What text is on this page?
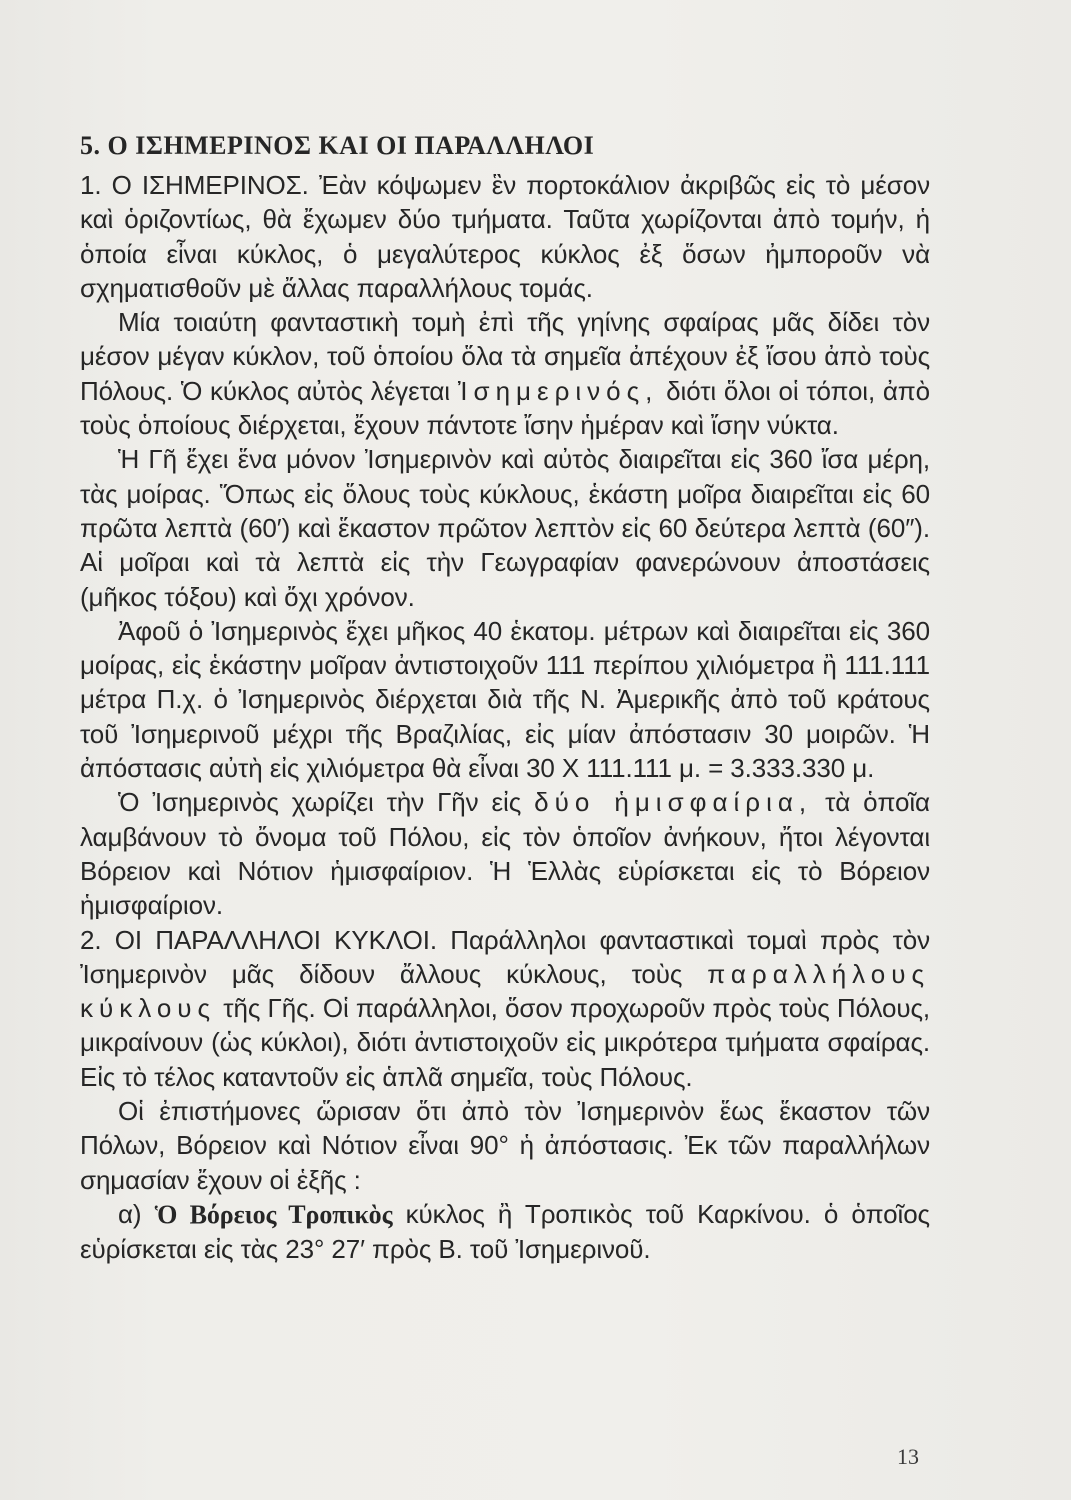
5. Ο ΙΣΗΜΕΡΙΝΟΣ ΚΑΙ ΟΙ ΠΑΡΑΛΛΗΛΟΙ

1. Ο ΙΣΗΜΕΡΙΝΟΣ. Ἐὰν κόψωμεν ἓν πορτοκάλιον ἀκριβῶς εἰς τὸ μέσον καὶ ὁριζοντίως, θὰ ἔχωμεν δύο τμήματα. Ταῦτα χωρίζονται ἀπὸ τομήν, ἡ ὁποία εἶναι κύκλος, ὁ μεγαλύτερος κύκλος ἐξ ὅσων ἠμποροῦν νὰ σχηματισθοῦν μὲ ἄλλας παραλλήλους τομάς.

Μία τοιαύτη φανταστικὴ τομὴ ἐπὶ τῆς γηίνης σφαίρας μᾶς δίδει τὸν μέσον μέγαν κύκλον, τοῦ ὁποίου ὅλα τὰ σημεῖα ἀπέχουν ἐξ ἴσου ἀπὸ τοὺς Πόλους. Ὁ κύκλος αὐτὸς λέγεται Ἰσημερινός, διότι ὅλοι οἱ τόποι, ἀπὸ τοὺς ὁποίους διέρχεται, ἔχουν πάντοτε ἴσην ἡμέραν καὶ ἴσην νύκτα.

Ἡ Γῆ ἔχει ἕνα μόνον Ἰσημερινὸν καὶ αὐτὸς διαιρεῖται εἰς 360 ἴσα μέρη, τὰς μοίρας. Ὅπως εἰς ὅλους τοὺς κύκλους, ἑκάστη μοῖρα διαιρεῖται εἰς 60 πρῶτα λεπτὰ (60′) καὶ ἕκαστον πρῶτον λεπτὸν εἰς 60 δεύτερα λεπτὰ (60″). Αἱ μοῖραι καὶ τὰ λεπτὰ εἰς τὴν Γεωγραφίαν φανερώνουν ἀποστάσεις (μῆκος τόξου) καὶ ὄχι χρόνον.

Ἀφοῦ ὁ Ἰσημερινὸς ἔχει μῆκος 40 ἑκατομ. μέτρων καὶ διαιρεῖται εἰς 360 μοίρας, εἰς ἑκάστην μοῖραν ἀντιστοιχοῦν 111 περίπου χιλιόμετρα ἢ 111.111 μέτρα Π.χ. ὁ Ἰσημερινὸς διέρχεται διὰ τῆς Ν. Ἀμερικῆς ἀπὸ τοῦ κράτους τοῦ Ἰσημερινοῦ μέχρι τῆς Βραζιλίας, εἰς μίαν ἀπόστασιν 30 μοιρῶν. Ἡ ἀπόστασις αὐτὴ εἰς χιλιόμετρα θὰ εἶναι 30 X 111.111 μ. = 3.333.330 μ.

Ὁ Ἰσημερινὸς χωρίζει τὴν Γῆν εἰς δύο ἡμισφαίρια, τὰ ὁποῖα λαμβάνουν τὸ ὄνομα τοῦ Πόλου, εἰς τὸν ὁποῖον ἀνήκουν, ἤτοι λέγονται Βόρειον καὶ Νότιον ἡμισφαίριον. Ἡ Ἑλλὰς εὑρίσκεται εἰς τὸ Βόρειον ἡμισφαίριον.

2. ΟΙ ΠΑΡΑΛΛΗΛΟΙ ΚΥΚΛΟΙ. Παράλληλοι φανταστικαὶ τομαὶ πρὸς τὸν Ἰσημερινὸν μᾶς δίδουν ἄλλους κύκλους, τοὺς παραλλήλους κύκλους τῆς Γῆς. Οἱ παράλληλοι, ὅσον προχωροῦν πρὸς τοὺς Πόλους, μικραίνουν (ὡς κύκλοι), διότι ἀντιστοιχοῦν εἰς μικρότερα τμήματα σφαίρας. Εἰς τὸ τέλος καταντοῦν εἰς ἁπλᾶ σημεῖα, τοὺς Πόλους.

Οἱ ἐπιστήμονες ὥρισαν ὅτι ἀπὸ τὸν Ἰσημερινὸν ἕως ἕκαστον τῶν Πόλων, Βόρειον καὶ Νότιον εἶναι 90° ἡ ἀπόστασις. Ἐκ τῶν παραλλήλων σημασίαν ἔχουν οἱ ἑξῆς :

α) Ὁ Βόρειος Τροπικὸς κύκλος ἢ Τροπικὸς τοῦ Καρκίνου. ὁ ὁποῖος εὑρίσκεται εἰς τὰς 23° 27′ πρὸς Β. τοῦ Ἰσημερινοῦ.

13
